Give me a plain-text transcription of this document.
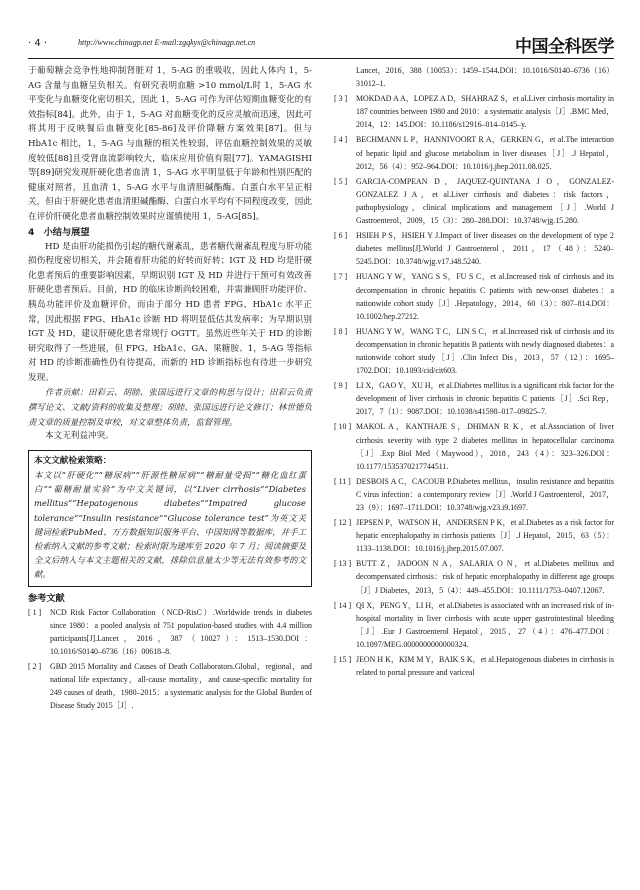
· 4 ·	http://www.chinagp.net E-mail:zgqkyx@chinagp.net.cn	中国全科医学

于葡萄糖会竞争性地抑制肾脏对 1，5-AG 的重吸收，因此人体内 1，5-AG 含量与血糖呈负相关。有研究表明血糖 >10 mmol/L时 1，5-AG 水平变化与血糖变化密切相关，因此 1，5-AG 可作为评估短期血糖变化的有效指标[84]。此外，由于 1，5-AG 对血糖变化的反应灵敏而迅速，因此可将其用于反映餐后血糖变化[85-86]及评价降糖方案效果[87]。但与 HbA1c 相比，1，5-AG 与血糖的相关性较弱，评估血糖控制效果的灵敏度较低[88]且受肾血流影响较大，临床应用价值有限[77]。YAMAGISHI 等[89]研究发现肝硬化患者血清 1，5-AG 水平明显低于年龄和性别匹配的健康对照者，且血清 1，5-AG 水平与血清胆碱酯酶、白蛋白水平呈正相关，但由于肝硬化患者血清胆碱酯酶、白蛋白水平均有不同程度改变，因此在评价肝硬化患者血糖控制效果时应谨慎使用 1，5-AG[85]。

4　小结与展望

HD 是由肝功能损伤引起的糖代谢紊乱，患者糖代谢紊乱程度与肝功能损伤程度密切相关，并会随着肝功能的好转而好转；IGT 及 HD 均是肝硬化患者预后的重要影响因素，早期识别 IGT 及 HD 并进行干预可有效改善肝硬化患者预后。目前，HD 的临床诊断尚较困难，并需兼顾肝功能评价、胰岛功能评价及血糖评价，而由于部分 HD 患者 FPG、HbA1c 水平正常，因此根据 FPG、HbA1c 诊断 HD 将明显低估其发病率；为早期识别 IGT 及 HD，建议肝硬化患者常规行 OGTT。虽然近些年关于 HD 的诊断研究取得了一些进展，但 FPG、HbA1c、GA、果糖胺、1，5-AG 等指标对 HD 的诊断准确性仍有待提高，而新的 HD 诊断指标也有待进一步研究发现。

作者贡献：田彩云、胡睦、张国远进行文章的构思与设计；田彩云负责撰写论文、文献/资料的收集及整理；胡睦、张国远进行论文修订；林世德负责文章的质量控制及审校，对文章整体负责，监督管理。

本文无利益冲突。

本文文献检索策略：

本文以“肝硬化”“糖尿病”“肝源性糖尿病”“糖耐量受损”“糖化血红蛋白”“葡糖耐量实验”为中文关键词，以“Liver cirrhosis”“Diabetes mellitus”“Hepatogenous diabetes”“Impaired glucose tolerance”“Insulin resistance”“Glucose tolerance test”为英文关键词检索PubMed、万方数据知识服务平台、中国知网等数据库，并手工检索纳入文献的参考文献；检索时限为建库至 2020 年 7 月；阅读摘要及全文后纳入与本文主题相关的文献，排除信息量太少等无法有效参考的文献。

参考文献

[ 1 ] NCD Risk Factor Collaboration（NCD-RisC）.Worldwide trends in diabetes since 1980：a pooled analysis of 751 population-based studies with 4.4 million participants[J].Lancet，2016，387（10027）：1513–1530.DOI：10.1016/S0140–6736（16）00618–8.

[ 2 ] GBD 2015 Mortality and Causes of Death Collaborators.Global，regional，and national life expectancy，all-cause mortality，and cause-specific mortality for 249 causes of death，1980–2015：a systematic analysis for the Global Burden of Disease Study 2015［J］.

Lancet，2016，388（10053）：1459–1544.DOI：10.1016/S0140–6736（16）31012–1.

[ 3 ] MOKDAD A A，LOPEZ A D，SHAHRAZ S，et al.Liver cirrhosis mortality in 187 countries between 1980 and 2010：a systematic analysis［J］.BMC Med，2014，12：145.DOI：10.1186/s12916–014–0145–y.

[ 4 ] BECHMANN L P，HANNIVOORT R A，GERKEN G，et al.The interaction of hepatic lipid and glucose metabolism in liver diseases［J］.J Hepatol，2012，56（4）：952–964.DOI：10.1016/j.jhep.2011.08.025.

[ 5 ] GARCIA-COMPEAN D，JAQUEZ-QUINTANA J O，GONZALEZ-GONZALEZ J A，et al.Liver cirrhosis and diabetes：risk factors，pathophysiology，clinical implications and management［J］.World J Gastroenterol，2009，15（3）：280–288.DOI：10.3748/wjg.15.280.

[ 6 ] HSIEH P S，HSIEH Y J.Impact of liver diseases on the development of type 2 diabetes mellitus[J].World J Gastroenterol，2011，17（48）：5240–5245.DOI：10.3748/wjg.v17.i48.5240.

[ 7 ] HUANG Y W，YANG S S，FU S C，et al.Increased risk of cirrhosis and its decompensation in chronic hepatitis C patients with new-onset diabetes：a nationwide cohort study［J］.Hepatology，2014，60（3）：807–814.DOI：10.1002/hep.27212.

[ 8 ] HUANG Y W，WANG T C，LIN S C，et al.Increased risk of cirrhosis and its decompensation in chronic hepatitis B patients with newly diagnosed diabetes：a nationwide cohort study［J］.Clin Infect Dis，2013，57（12）：1695–1702.DOI：10.1093/cid/cit603.

[ 9 ] LI X，GAO Y，XU H，et al.Diabetes mellitus is a significant risk factor for the development of liver cirrhosis in chronic hepatitis C patients［J］.Sci Rep，2017，7（1）：9087.DOI：10.1038/s41598–017–09825–7.

[ 10 ] MAKOL A，KANTHAJE S，DHIMAN R K，et al.Association of liver cirrhosis severity with type 2 diabetes mellitus in hepatocellular carcinoma［J］.Exp Biol Med（Maywood），2018，243（4）：323–326.DOI：10.1177/1535370217744511.

[ 11 ] DESBOIS A C，CACOUB P.Diabetes mellitus，insulin resistance and hepatitis C virus infection：a contemporary review［J］.World J Gastroenterol，2017，23（9）：1697–1711.DOI：10.3748/wjg.v23.i9.1697.

[ 12 ] JEPSEN P，WATSON H，ANDERSEN P K，et al.Diabetes as a risk factor for hepatic encephalopathy in cirrhosis patients［J］.J Hepatol，2015，63（5）：1133–1138.DOI：10.1016/j.jhep.2015.07.007.

[ 13 ] BUTT Z，JADOON N A，SALARIA O N，et al.Diabetes mellitus and decompensated cirrhosis：risk of hepatic encephalopathy in different age groups［J］J Diabetes，2013，5（4）：449–455.DOI：10.1111/1753–0407.12067.

[ 14 ] QI X，PENG Y，LI H，et al.Diabetes is associated with an increased risk of in-hospital mortality in liver cirrhosis with acute upper gastrointestinal bleeding［J］.Eur J Gastroenterol Hepatol，2015，27（4）：476–477.DOI：10.1097/MEG.0000000000000324.

[ 15 ] JEON H K，KIM M Y，BAIK S K，et al.Hepatogenous diabetes in cirrhosis is related to portal pressure and variceal
